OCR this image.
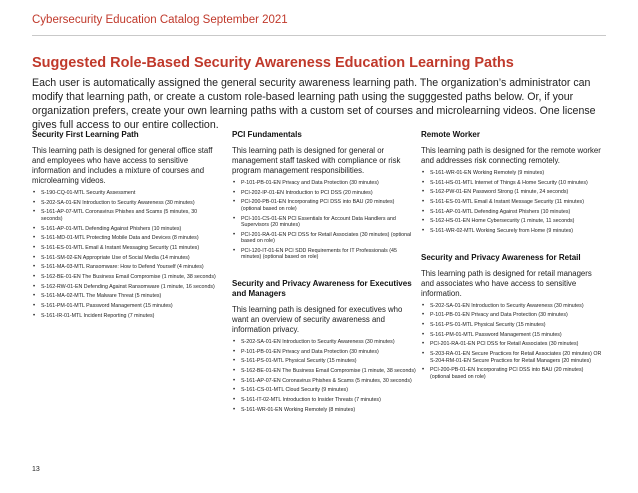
Cybersecurity Education Catalog September 2021
Suggested Role-Based Security Awareness Education Learning Paths
Each user is automatically assigned the general security awareness learning path. The organization’s administrator can modify that learning path, or create a custom role-based learning path using the sugggested paths below. Or, if your organization prefers, create your own learning paths with a custom set of courses and microlearning videos. One license gives full access to our entire collection.
Security First Learning Path

This learning path is designed for general office staff and employees who have access to sensitive information and includes a mixture of courses and microlearning videos.

• S-190-CQ-01-MTL Security Assessment
• S-202-SA-01-EN Introduction to Security Awareness (30 minutes)
• S-161-AP-07-MTL Coronavirus Phishes and Scams (5 minutes, 30 seconds)
• S-161-AP-01-MTL Defending Against Phishers (10 minutes)
• S-161-MD-01-MTL Protecting Mobile Data and Devices (8 minutes)
• S-161-ES-01-MTL Email & Instant Messaging Security (11 minutes)
• S-161-SM-02-EN Appropriate Use of Social Media (14 minutes)
• S-161-MA-03-MTL Ransomware: How to Defend Yourself (4 minutes)
• S-162-BE-01-EN The Business Email Compromise (1 minute, 38 seconds)
• S-162-RW-01-EN Defending Against Ransomware (1 minute, 16 seconds)
• S-161-MA-02-MTL The Malware Threat (5 minutes)
• S-161-PM-01-MTL Password Management (15 minutes)
• S-161-IR-01-MTL Incident Reporting (7 minutes)
PCI Fundamentals

This learning path is designed for general or management staff tasked with compliance or risk program management responsibilities.

• P-101-PB-01-EN Privacy and Data Protection (30 minutes)
• PCI-202-IP-01-EN Introduction to PCI DSS (20 minutes)
• PCI-200-PB-01-EN Incorporating PCI DSS into BAU (20 minutes) (optional based on role)
• PCI-101-CS-01-EN PCI Essentials for Account Data Handlers and Supervisors (20 minutes)
• PCI-201-RA-01-EN PCI DSS for Retail Associates (30 minutes) (optional based on role)
• PCI-120-IT-01-EN PCI SDD Requirements for IT Professionals (45 minutes) (optional based on role)
Security and Privacy Awareness for Executives and Managers

This learning path is designed for executives who want an overview of security awareness and information privacy.

• S-202-SA-01-EN Introduction to Security Awareness (30 minutes)
• P-101-PB-01-EN Privacy and Data Protection (30 minutes)
• S-161-PS-01-MTL Physical Security (15 minutes)
• S-162-BE-01-EN The Business Email Compromise (1 minute, 38 seconds)
• S-161-AP-07-EN Coronavirus Phishes & Scams (5 minutes, 30 seconds)
• S-161-CS-01-MTL Cloud Security (9 minutes)
• S-161-IT-02-MTL Introduction to Insider Threats (7 minutes)
• S-161-WR-01-EN Working Remotely (8 minutes)
Remote Worker

This learning path is designed for the remote worker and addresses risk connecting remotely.

• S-161-WR-01-EN Working Remotely (9 minutes)
• S-161-HS-01-MTL Internet of Things & Home Security (10 minutes)
• S-162-PW-01-EN Password Strong (1 minute, 24 seconds)
• S-161-ES-01-MTL Email & Instant Message Security (11 minutes)
• S-161-AP-01-MTL Defending Against Phishers (10 minutes)
• S-162-HS-01-EN Home Cybersecurity (1 minute, 11 seconds)
• S-161-WR-02-MTL Working Securely from Home (9 minutes)
Security and Privacy Awareness for Retail

This learning path is designed for retail managers and associates who have access to sensitive information.

• S-202-SA-01-EN Introduction to Security Awareness (30 minutes)
• P-101-PB-01-EN Privacy and Data Protection (30 minutes)
• S-161-PS-01-MTL Physical Security (15 minutes)
• S-161-PM-01-MTL Password Management (15 minutes)
• PCI-201-RA-01-EN PCI DSS for Retail Associates (30 minutes)
• S-203-RA-01-EN Secure Practices for Retail Associates (20 minutes) OR S-204-RM-01-EN Secure Practices for Retail Managers (20 minutes)
• PCI-200-PB-01-EN Incorporating PCI DSS into BAU (20 minutes) (optional based on role)
13
